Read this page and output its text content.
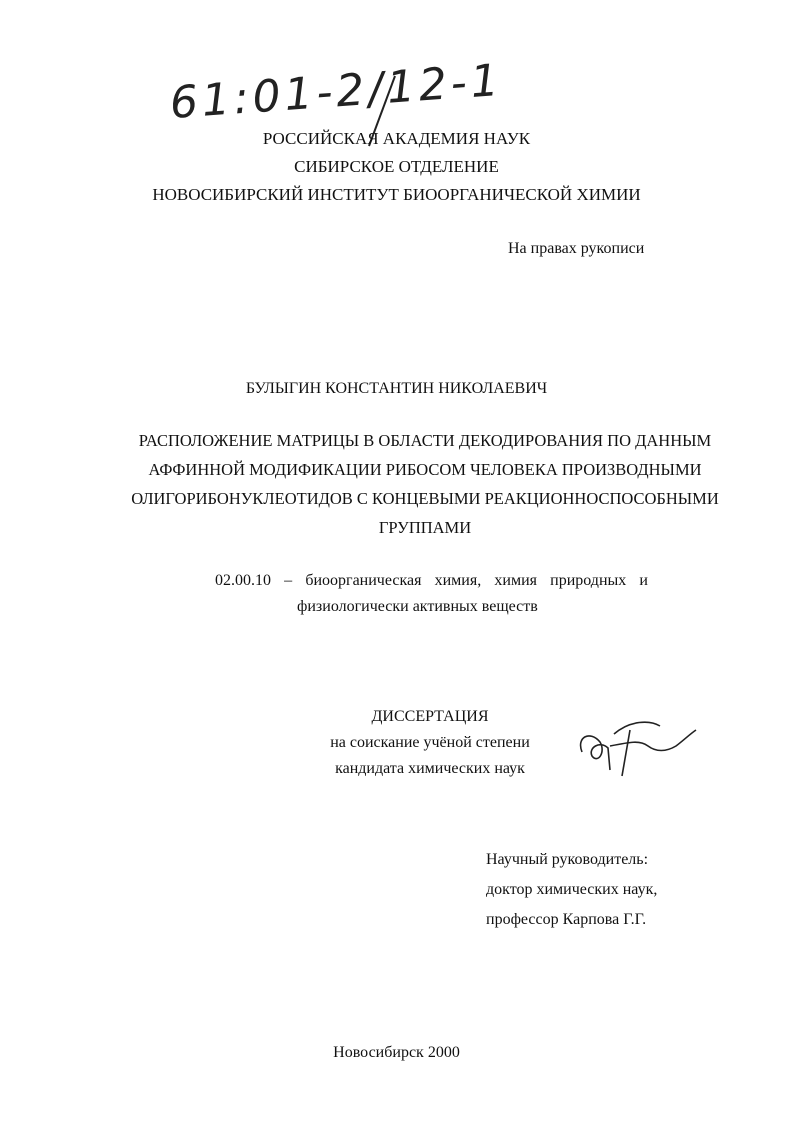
61:01-2/12-1
РОССИЙСКАЯ АКАДЕМИЯ НАУК
СИБИРСКОЕ ОТДЕЛЕНИЕ
НОВОСИБИРСКИЙ ИНСТИТУТ БИООРГАНИЧЕСКОЙ ХИМИИ
На правах рукописи
БУЛЫГИН КОНСТАНТИН НИКОЛАЕВИЧ
РАСПОЛОЖЕНИЕ МАТРИЦЫ В ОБЛАСТИ ДЕКОДИРОВАНИЯ ПО ДАННЫМ
АФФИННОЙ МОДИФИКАЦИИ РИБОСОМ ЧЕЛОВЕКА ПРОИЗВОДНЫМИ
ОЛИГОРИБОНУКЛЕОТИДОВ С КОНЦЕВЫМИ РЕАКЦИОННОСПОСОБНЫМИ
ГРУППАМИ
02.00.10 – биоорганическая химия, химия природных и
физиологически активных веществ
ДИССЕРТАЦИЯ
на соискание учёной степени
кандидата химических наук
Научный руководитель:
доктор химических наук,
профессор Карпова Г.Г.
Новосибирск 2000
